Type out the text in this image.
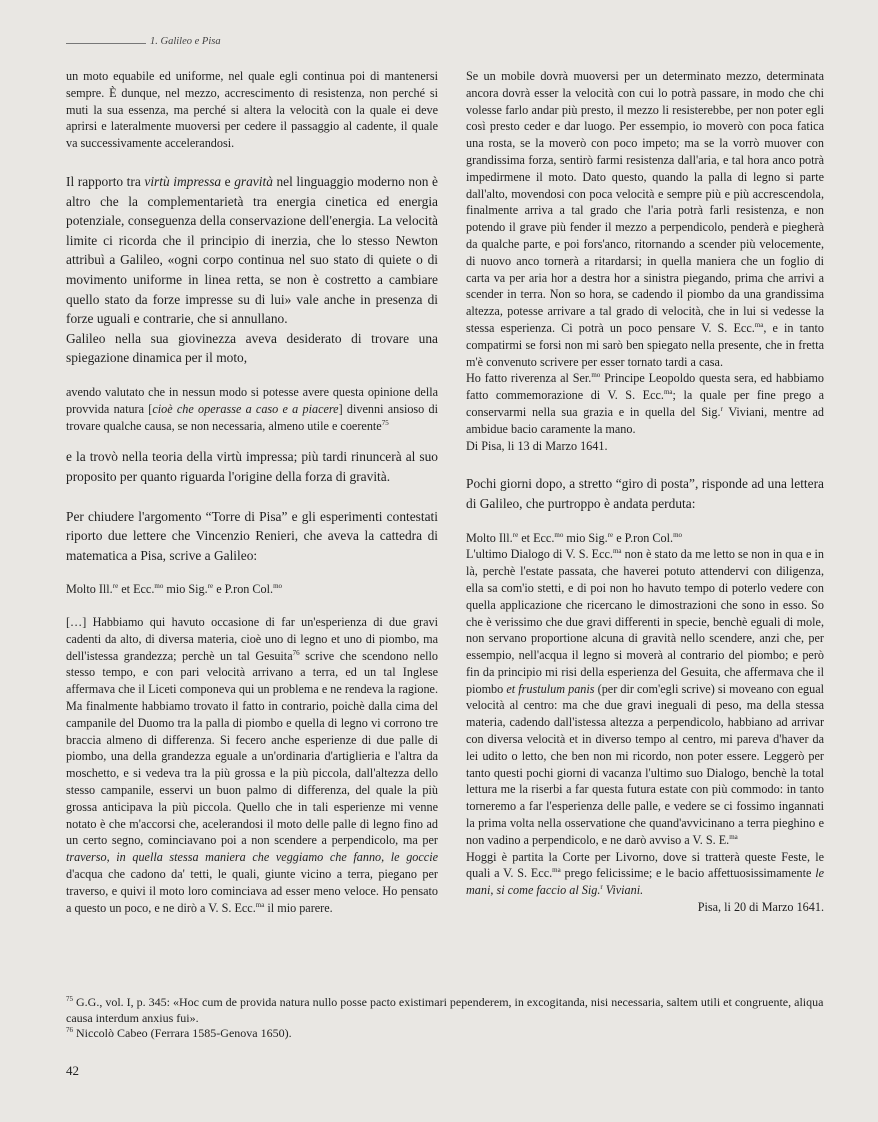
1. Galileo e Pisa

un moto equabile ed uniforme, nel quale egli continua poi di mantenersi sempre. È dunque, nel mezzo, accrescimento di resistenza, non perché si muti la sua essenza, ma perché si altera la velocità con la quale ei deve aprirsi e lateralmente muoversi per cedere il passaggio al cadente, il quale va successivamente accelerandosi.

Il rapporto tra virtù impressa e gravità nel linguaggio moderno non è altro che la complementarietà tra energia cinetica ed energia potenziale, conseguenza della conservazione dell'energia. La velocità limite ci ricorda che il principio di inerzia, che lo stesso Newton attribuì a Galileo, «ogni corpo continua nel suo stato di quiete o di movimento uniforme in linea retta, se non è costretto a cambiare quello stato da forze impresse su di lui» vale anche in presenza di forze uguali e contrarie, che si annullano.

Galileo nella sua giovinezza aveva desiderato di trovare una spiegazione dinamica per il moto,

avendo valutato che in nessun modo si potesse avere questa opinione della provvida natura [cioè che operasse a caso e a piacere] divenni ansioso di trovare qualche causa, se non necessaria, almeno utile e coerente$^{75}$

e la trovò nella teoria della virtù impressa; più tardi rinuncerà al suo proposito per quanto riguarda l'origine della forza di gravità.

Per chiudere l'argomento “Torre di Pisa” e gli esperimenti contestati riporto due lettere che Vincenzio Renieri, che aveva la cattedra di matematica a Pisa, scrive a Galileo:

Molto Ill.$^{re}$ et Ecc.$^{mo}$ mio Sig.$^{re}$ e P.ron Col.$^{mo}$

[…] Habbiamo qui havuto occasione di far un'esperienza di due gravi cadenti da alto, di diversa materia, cioè uno di legno et uno di piombo, ma dell'istessa grandezza; perchè un tal Gesuita$^{76}$ scrive che scendono nello stesso tempo, e con pari velocità arrivano a terra, ed un tal Inglese affermava che il Liceti componeva qui un problema e ne rendeva la ragione. Ma finalmente habbiamo trovato il fatto in contrario, poichè dalla cima del campanile del Duomo tra la palla di piombo e quella di legno vi corrono tre braccia almeno di differenza. Si fecero anche esperienze di due palle di piombo, una della grandezza eguale a un'ordinaria d'artiglieria e l'altra da moschetto, e si vedeva tra la più grossa e la più piccola, dall'altezza dello stesso campanile, esservi un buon palmo di differenza, del quale la più grossa anticipava la più piccola. Quello che in tali esperienze mi venne notato è che m'accorsi che, acelerandosi il moto delle palle di legno fino ad un certo segno, cominciavano poi a non scendere a perpendicolo, ma per traverso, in quella stessa maniera che veggiamo che fanno, le goccie d'acqua che cadono da' tetti, le quali, giunte vicino a terra, piegano per traverso, e quivi il moto loro cominciava ad esser meno veloce. Ho pensato a questo un poco, e ne dirò a V. S. Ecc.$^{ma}$ il mio parere.

Se un mobile dovrà muoversi per un determinato mezzo, determinata ancora dovrà esser la velocità con cui lo potrà passare, in modo che chi volesse farlo andar più presto, il mezzo li resisterebbe, per non poter egli così presto ceder e dar luogo. Per essempio, io moverò con poca fatica una rosta, se la moverò con poco impeto; ma se la vorrò muover con grandissima forza, sentirò farmi resistenza dall'aria, e tal hora anco potrà impedirmene il moto. Dato questo, quando la palla di legno si parte dall'alto, movendosi con poca velocità e sempre più e più accrescendola, finalmente arriva a tal grado che l'aria potrà farli resistenza, e non potendo il grave più fender il mezzo a perpendicolo, penderà e piegherà da qualche parte, e poi fors'anco, ritornando a scender più velocemente, di nuovo anco tornerà a ritardarsi; in quella maniera che un foglio di carta va per aria hor a destra hor a sinistra piegando, prima che arrivi a scender in terra. Non so hora, se cadendo il piombo da una grandissima altezza, potesse arrivare a tal grado di velocità, che in lui si vedesse la stessa esperienza. Ci potrà un poco pensare V. S. Ecc.$^{ma}$, e in tanto compatirmi se forsi non mi sarò ben spiegato nella presente, che in fretta m'è convenuto scrivere per esser tornato tardi a casa.

Ho fatto riverenza al Ser.$^{mo}$ Principe Leopoldo questa sera, ed habbiamo fatto commemorazione di V. S. Ecc.$^{ma}$; la quale per fine prego a conservarmi nella sua grazia e in quella del Sig.$^r$ Viviani, mentre ad ambidue bacio caramente la mano.

Di Pisa, li 13 di Marzo 1641.

Pochi giorni dopo, a stretto “giro di posta”, risponde ad una lettera di Galileo, che purtroppo è andata perduta:

Molto Ill.$^{re}$ et Ecc.$^{mo}$ mio Sig.$^{re}$ e P.ron Col.$^{mo}$

L'ultimo Dialogo di V. S. Ecc.$^{ma}$ non è stato da me letto se non in qua e in là, perchè l'estate passata, che haverei potuto attendervi con diligenza, ella sa com'io stetti, e di poi non ho havuto tempo di poterlo vedere con quella applicazione che ricercano le dimostrazioni che sono in esso. So che è verissimo che due gravi differenti in specie, benchè eguali di mole, non servano proportione alcuna di gravità nello scendere, anzi che, per essempio, nell'acqua il legno si moverà al contrario del piombo; e però fin da principio mi risi della esperienza del Gesuita, che affermava che il piombo et frustulum panis (per dir com'egli scrive) si moveano con egual velocità al centro: ma che due gravi ineguali di peso, ma della stessa materia, cadendo dall'istessa altezza a perpendicolo, habbiano ad arrivar con diversa velocità et in diverso tempo al centro, mi pareva d'haver da lei udito o letto, che ben non mi ricordo, non poter essere. Leggerò per tanto questi pochi giorni di vacanza l'ultimo suo Dialogo, benchè la total lettura me la riserbi a far questa futura estate con più commodo: in tanto torneremo a far l'esperienza delle palle, e vedere se ci fossimo ingannati la prima volta nella osservatione che quand'avvicinano a terra pieghino e non vadino a perpendicolo, e ne darò avviso a V. S. E.$^{ma}$

Hoggi è partita la Corte per Livorno, dove si tratterà queste Feste, le quali a V. S. Ecc.$^{ma}$ prego felicissime; e le bacio affettuosissimamente le mani, si come faccio al Sig.$^r$ Viviani.

Pisa, li 20 di Marzo 1641.

$^{75}$ G.G., vol. I, p. 345: «Hoc cum de provida natura nullo posse pacto existimari pependerem, in excogitanda, nisi necessaria, saltem utili et congruente, aliqua causa interdum anxius fui».

$^{76}$ Niccolò Cabeo (Ferrara 1585-Genova 1650).

42
